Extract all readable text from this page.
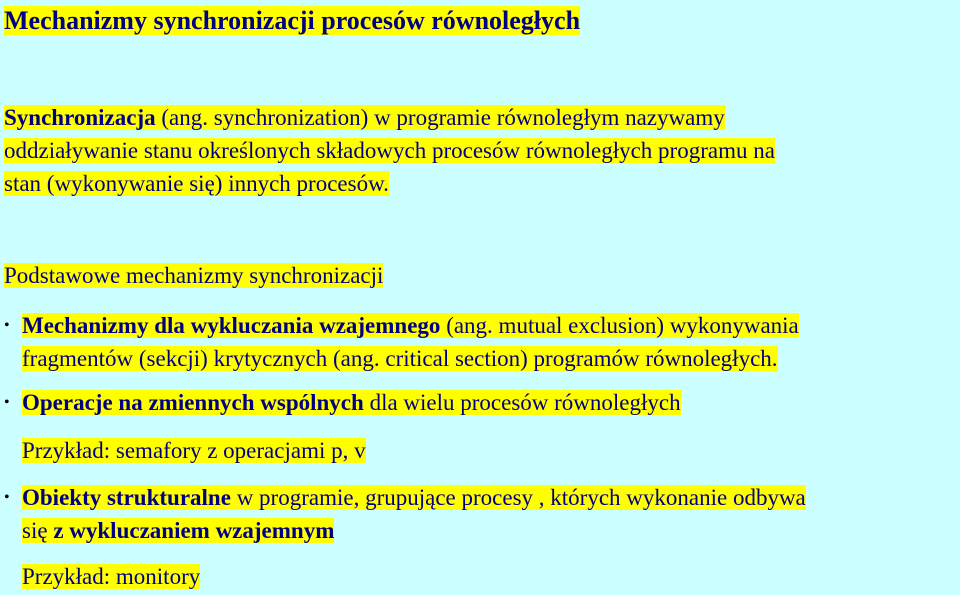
Mechanizmy synchronizacji procesów równoległych
Synchronizacja (ang. synchronization) w programie równoległym nazywamy
oddziaływanie stanu określonych składowych procesów równoległych programu na
stan (wykonywanie się) innych procesów.
Podstawowe mechanizmy synchronizacji
• Mechanizmy dla wykluczania wzajemnego (ang. mutual exclusion) wykonywania
fragmentów (sekcji) krytycznych (ang. critical section) programów równoległych.
• Operacje na zmiennych wspólnych dla wielu procesów równoległych
Przykład: semafory z operacjami p, v
• Obiekty strukturalne w programie, grupujące procesy , których wykonanie odbywa
się z wykluczaniem wzajemnym
Przykład: monitory
